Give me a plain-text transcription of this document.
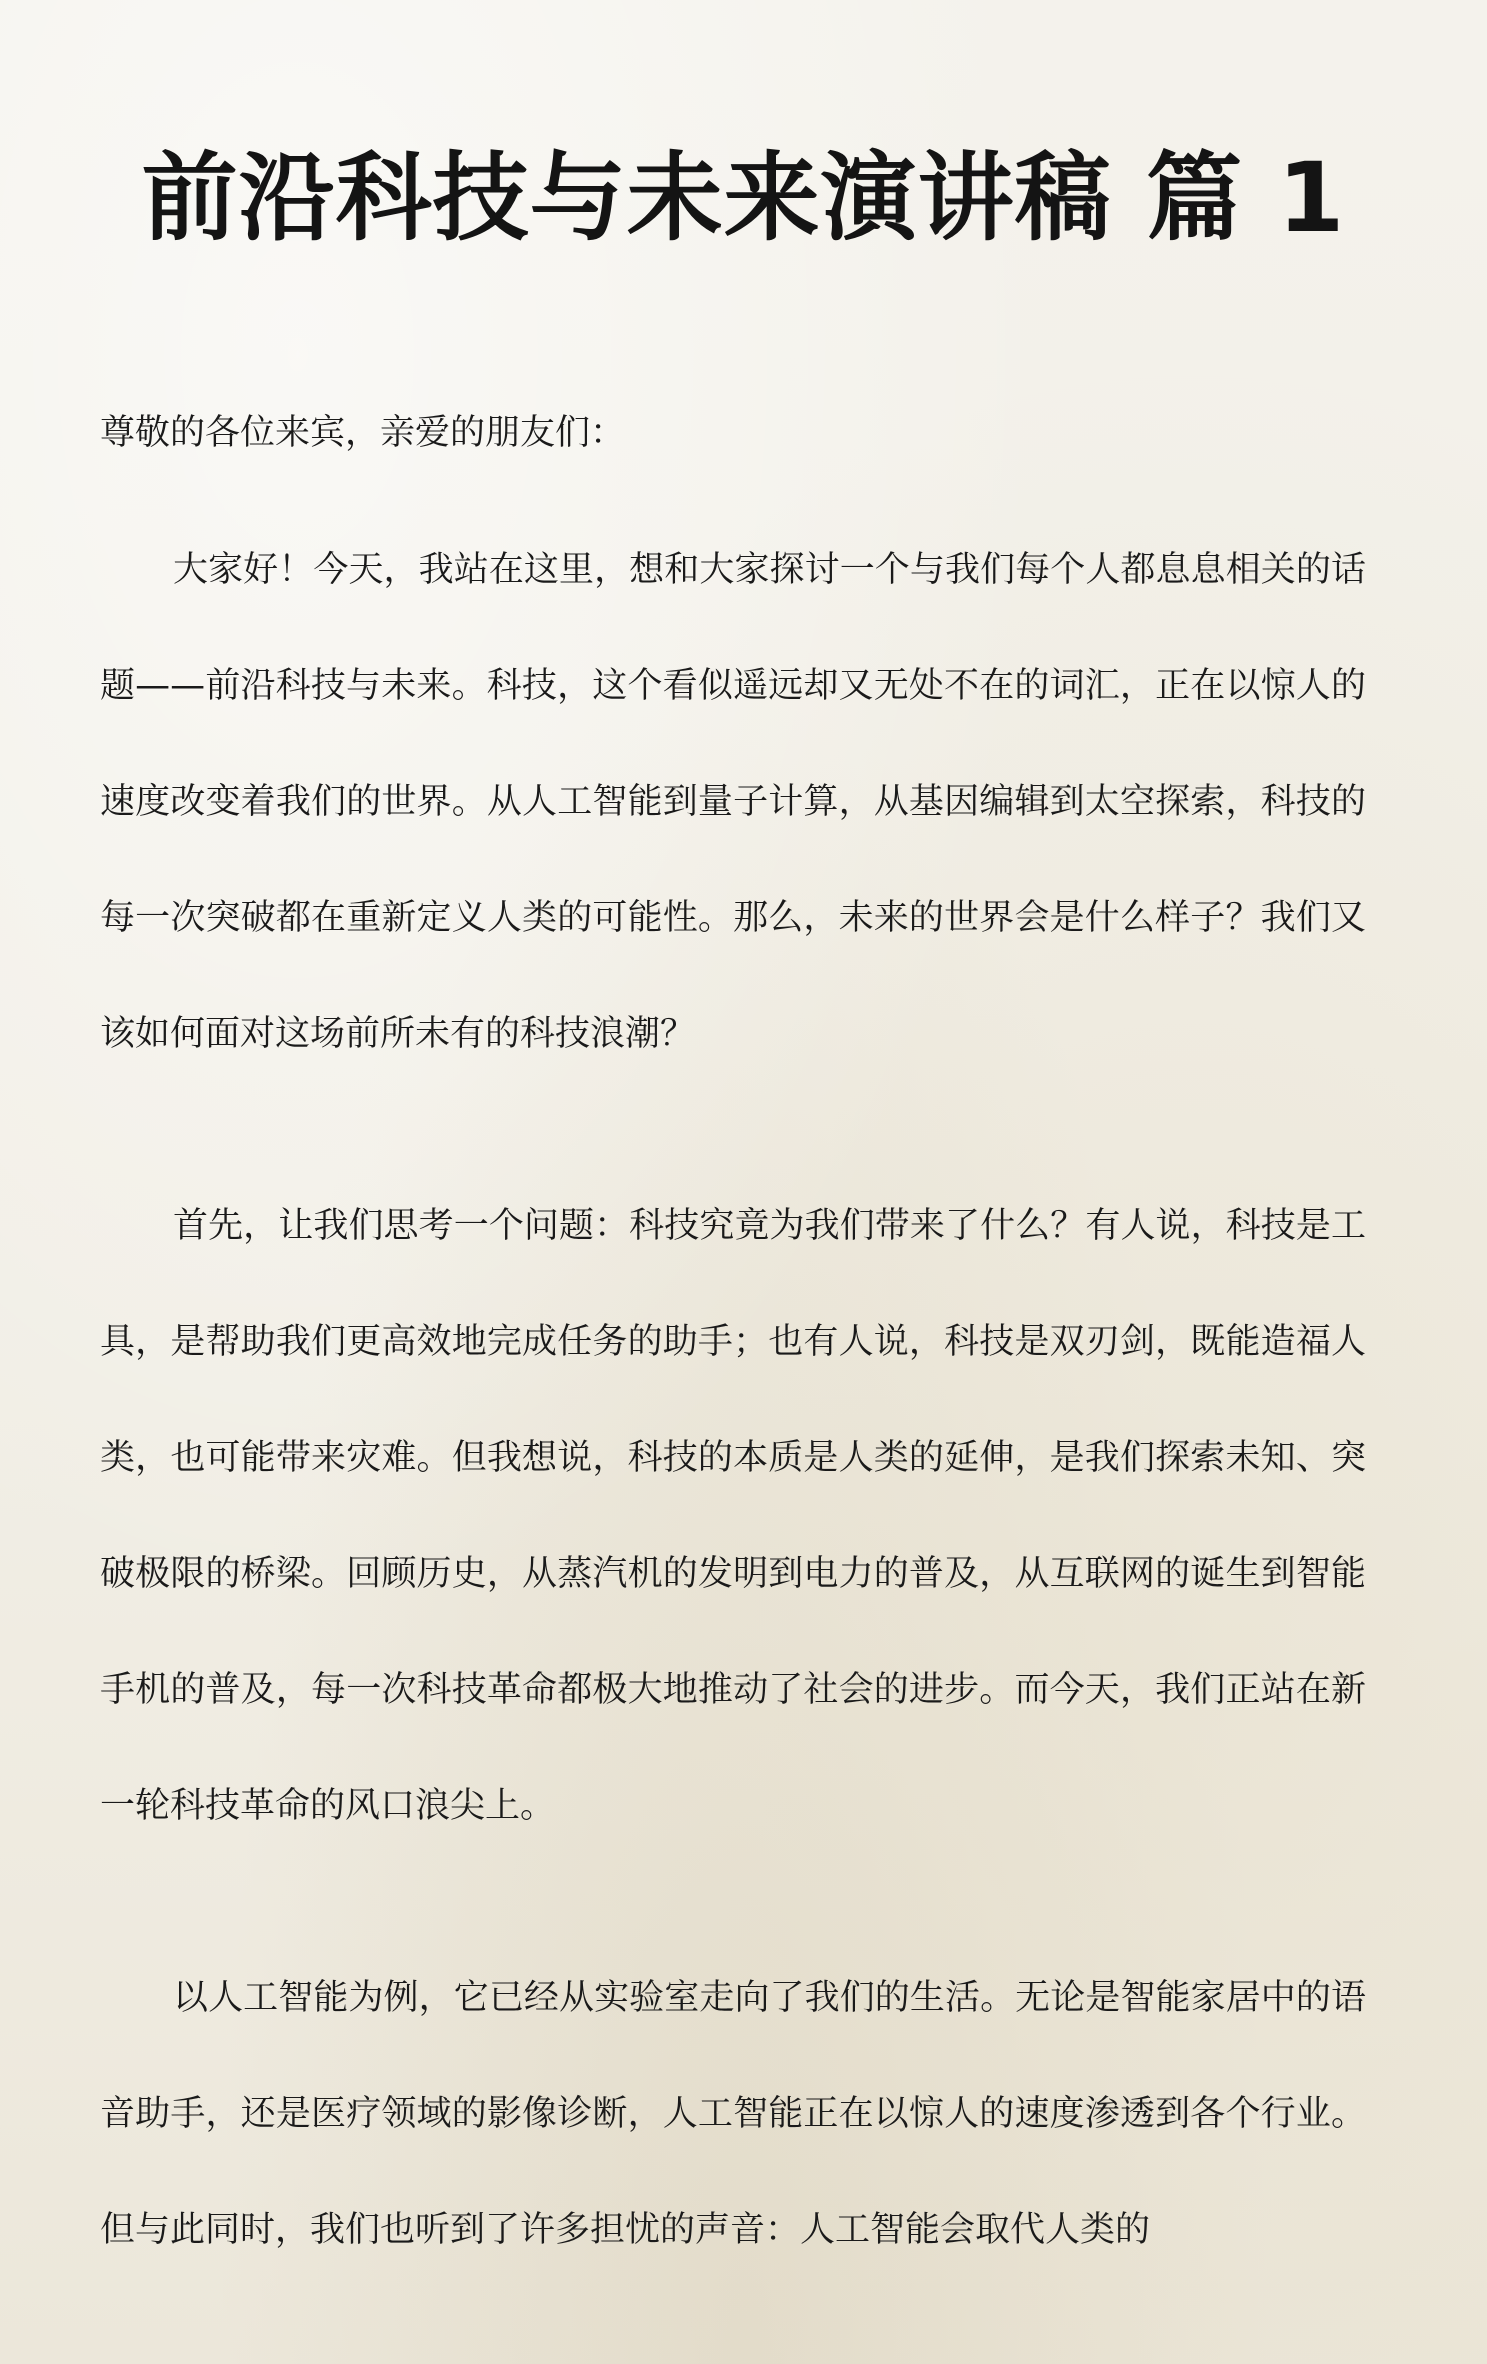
前沿科技与未来演讲稿 篇 1

尊敬的各位来宾，亲爱的朋友们：

大家好！今天，我站在这里，想和大家探讨一个与我们每个人都息息相关的话题——前沿科技与未来。科技，这个看似遥远却又无处不在的词汇，正在以惊人的速度改变着我们的世界。从人工智能到量子计算，从基因编辑到太空探索，科技的每一次突破都在重新定义人类的可能性。那么，未来的世界会是什么样子？我们又该如何面对这场前所未有的科技浪潮？

首先，让我们思考一个问题：科技究竟为我们带来了什么？有人说，科技是工具，是帮助我们更高效地完成任务的助手；也有人说，科技是双刃剑，既能造福人类，也可能带来灾难。但我想说，科技的本质是人类的延伸，是我们探索未知、突破极限的桥梁。回顾历史，从蒸汽机的发明到电力的普及，从互联网的诞生到智能手机的普及，每一次科技革命都极大地推动了社会的进步。而今天，我们正站在新一轮科技革命的风口浪尖上。

以人工智能为例，它已经从实验室走向了我们的生活。无论是智能家居中的语音助手，还是医疗领域的影像诊断，人工智能正在以惊人的速度渗透到各个行业。但与此同时，我们也听到了许多担忧的声音：人工智能会取代人类的
